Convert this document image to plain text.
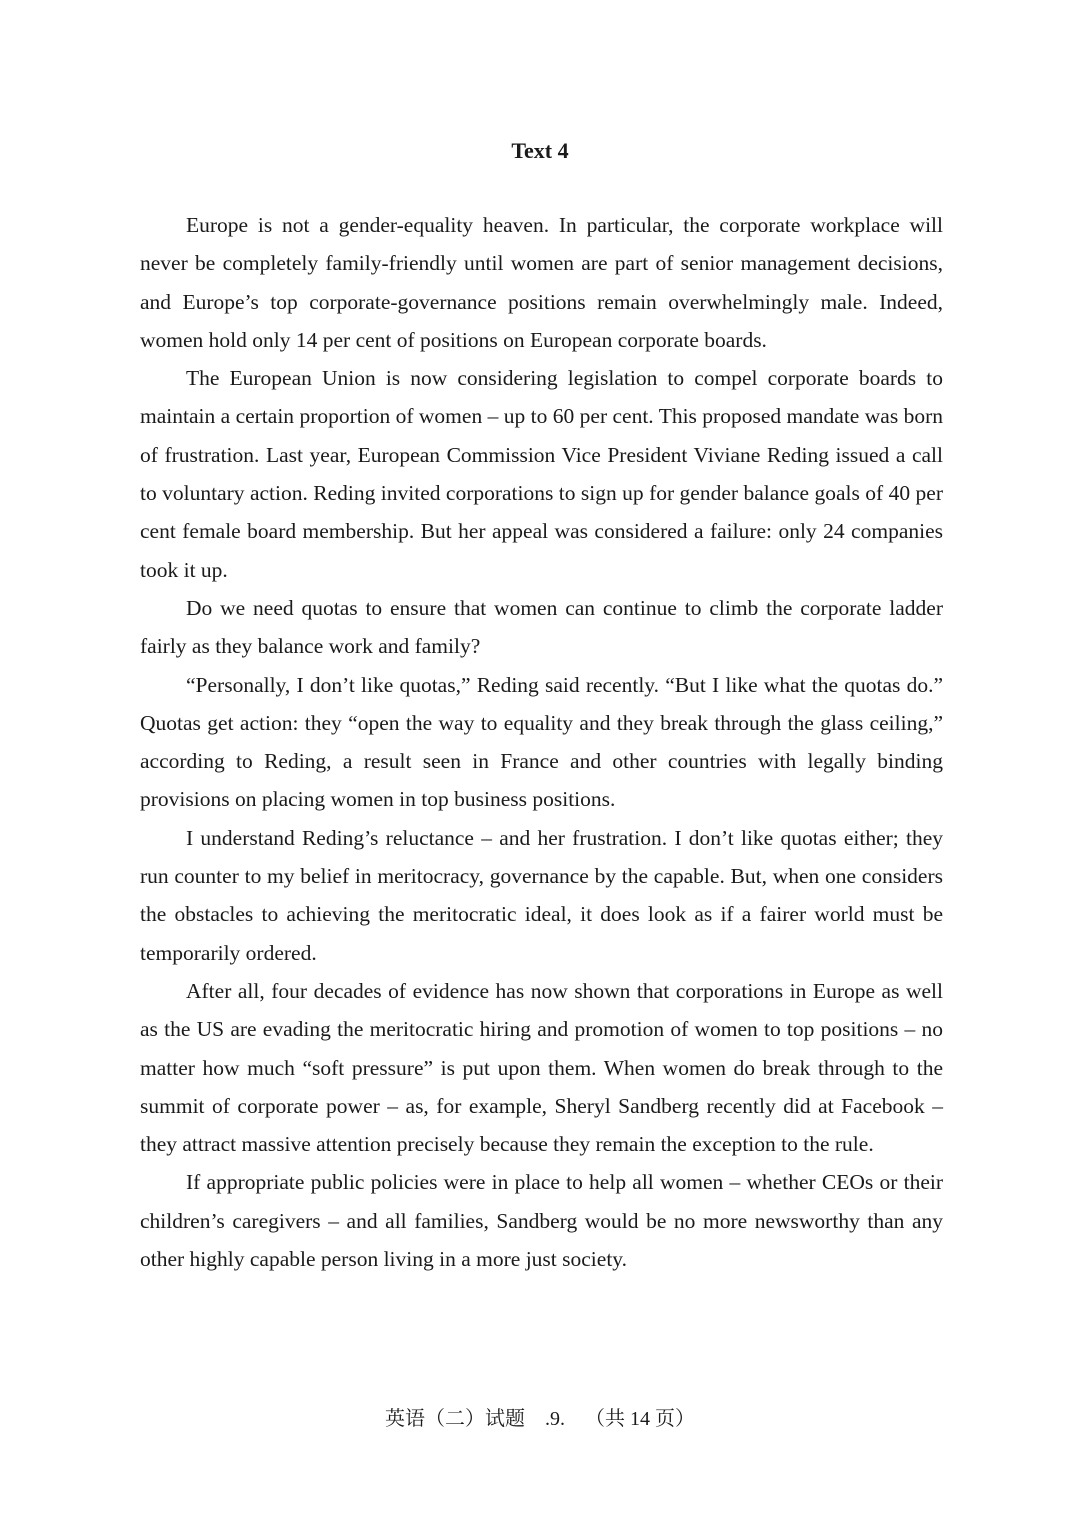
Text 4

Europe is not a gender-equality heaven. In particular, the corporate workplace will never be completely family-friendly until women are part of senior management decisions, and Europe’s top corporate-governance positions remain overwhelmingly male. Indeed, women hold only 14 per cent of positions on European corporate boards.

The European Union is now considering legislation to compel corporate boards to maintain a certain proportion of women – up to 60 per cent. This proposed mandate was born of frustration. Last year, European Commission Vice President Viviane Reding issued a call to voluntary action. Reding invited corporations to sign up for gender balance goals of 40 per cent female board membership. But her appeal was considered a failure: only 24 companies took it up.

Do we need quotas to ensure that women can continue to climb the corporate ladder fairly as they balance work and family?

“Personally, I don’t like quotas,” Reding said recently. “But I like what the quotas do.” Quotas get action: they “open the way to equality and they break through the glass ceiling,” according to Reding, a result seen in France and other countries with legally binding provisions on placing women in top business positions.

I understand Reding’s reluctance – and her frustration. I don’t like quotas either; they run counter to my belief in meritocracy, governance by the capable. But, when one considers the obstacles to achieving the meritocratic ideal, it does look as if a fairer world must be temporarily ordered.

After all, four decades of evidence has now shown that corporations in Europe as well as the US are evading the meritocratic hiring and promotion of women to top positions – no matter how much “soft pressure” is put upon them. When women do break through to the summit of corporate power – as, for example, Sheryl Sandberg recently did at Facebook – they attract massive attention precisely because they remain the exception to the rule.

If appropriate public policies were in place to help all women – whether CEOs or their children’s caregivers – and all families, Sandberg would be no more newsworthy than any other highly capable person living in a more just society.

英语（二）试题    .9.    （共 14 页）
